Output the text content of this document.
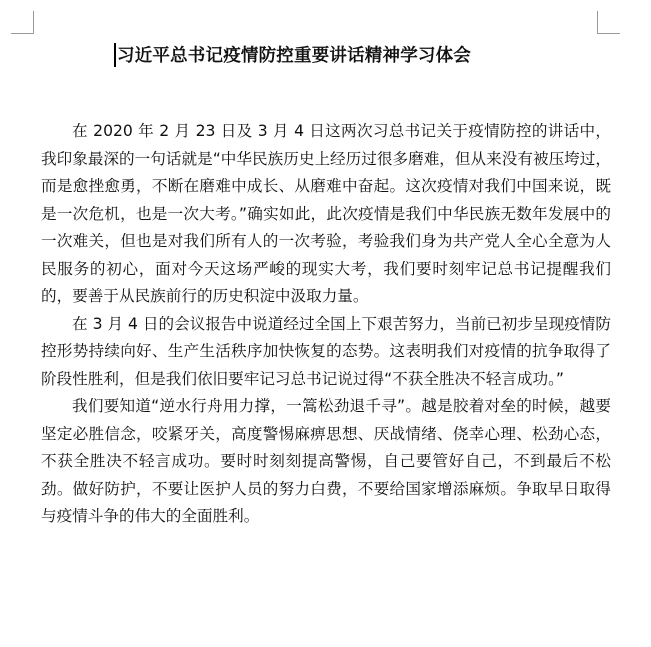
习近平总书记疫情防控重要讲话精神学习体会

在 2020 年 2 月 23 日及 3 月 4 日这两次习总书记关于疫情防控的讲话中，我印象最深的一句话就是“中华民族历史上经历过很多磨难，但从来没有被压垮过，而是愈挫愈勇，不断在磨难中成长、从磨难中奋起。这次疫情对我们中国来说，既是一次危机，也是一次大考。”确实如此，此次疫情是我们中华民族无数年发展中的一次难关，但也是对我们所有人的一次考验，考验我们身为共产党人全心全意为人民服务的初心，面对今天这场严峻的现实大考，我们要时刻牢记总书记提醒我们的，要善于从民族前行的历史积淀中汲取力量。

在 3 月 4 日的会议报告中说道经过全国上下艰苦努力，当前已初步呈现疫情防控形势持续向好、生产生活秩序加快恢复的态势。这表明我们对疫情的抗争取得了阶段性胜利，但是我们依旧要牢记习总书记说过得“不获全胜决不轻言成功。”

我们要知道“逆水行舟用力撑，一篙松劲退千寻”。越是胶着对垒的时候，越要坚定必胜信念，咬紧牙关，高度警惕麻痹思想、厌战情绪、侥幸心理、松劲心态，不获全胜决不轻言成功。要时时刻刻提高警惕，自己要管好自己，不到最后不松劲。做好防护，不要让医护人员的努力白费，不要给国家增添麻烦。争取早日取得与疫情斗争的伟大的全面胜利。
